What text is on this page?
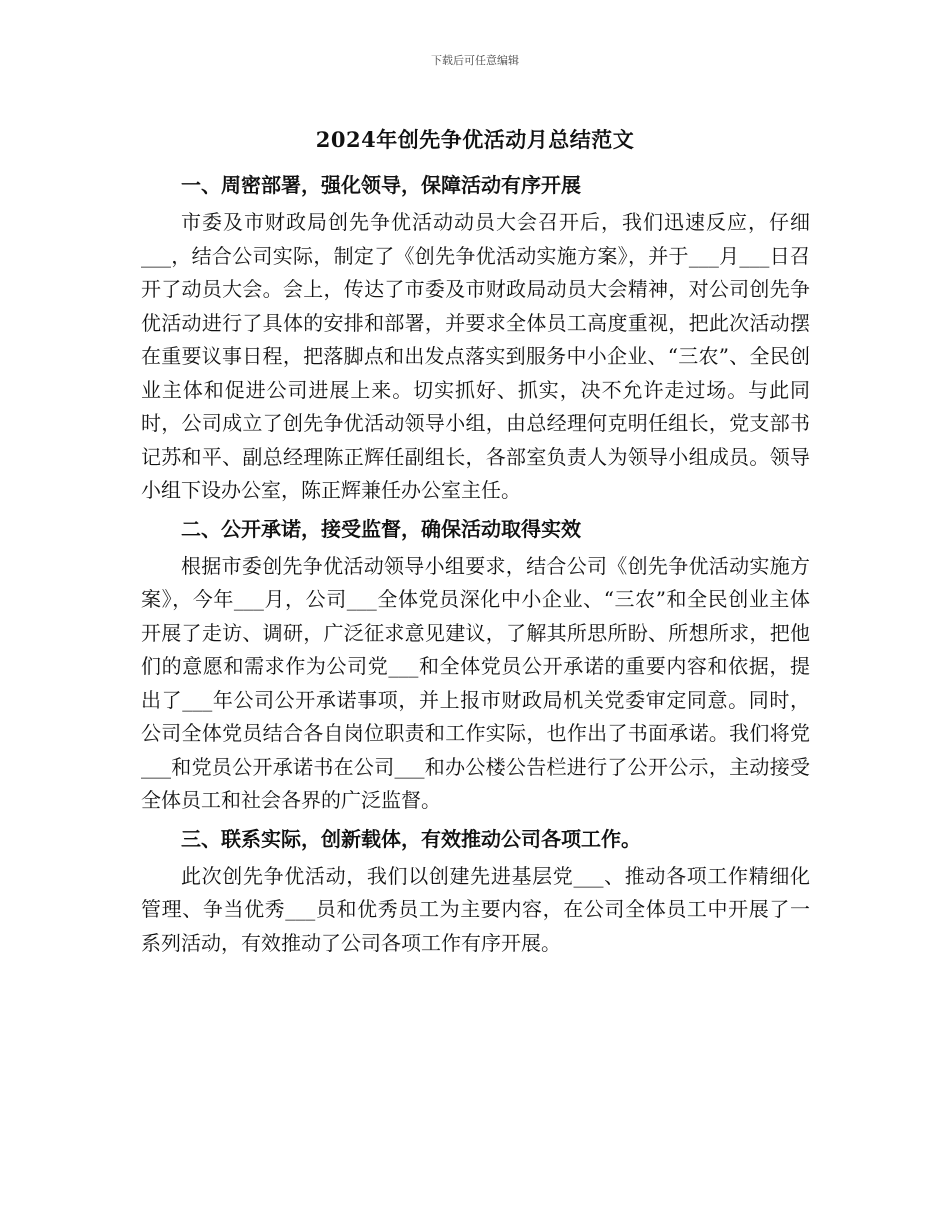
下载后可任意编辑
2024年创先争优活动月总结范文
一、周密部署，强化领导，保障活动有序开展
市委及市财政局创先争优活动动员大会召开后，我们迅速反应，仔细___，结合公司实际，制定了《创先争优活动实施方案》，并于___月___日召开了动员大会。会上，传达了市委及市财政局动员大会精神，对公司创先争优活动进行了具体的安排和部署，并要求全体员工高度重视，把此次活动摆在重要议事日程，把落脚点和出发点落实到服务中小企业、“三农”、全民创业主体和促进公司进展上来。切实抓好、抓实，决不允许走过场。与此同时，公司成立了创先争优活动领导小组，由总经理何克明任组长，党支部书记苏和平、副总经理陈正辉任副组长，各部室负责人为领导小组成员。领导小组下设办公室，陈正辉兼任办公室主任。
二、公开承诺，接受监督，确保活动取得实效
根据市委创先争优活动领导小组要求，结合公司《创先争优活动实施方案》，今年___月，公司___全体党员深化中小企业、“三农”和全民创业主体开展了走访、调研，广泛征求意见建议，了解其所思所盼、所想所求，把他们的意愿和需求作为公司党___和全体党员公开承诺的重要内容和依据，提出了___年公司公开承诺事项，并上报市财政局机关党委审定同意。同时，公司全体党员结合各自岗位职责和工作实际，也作出了书面承诺。我们将党___和党员公开承诺书在公司___和办公楼公告栏进行了公开公示，主动接受全体员工和社会各界的广泛监督。
三、联系实际，创新载体，有效推动公司各项工作。
此次创先争优活动，我们以创建先进基层党___、推动各项工作精细化管理、争当优秀___员和优秀员工为主要内容，在公司全体员工中开展了一系列活动，有效推动了公司各项工作有序开展。
